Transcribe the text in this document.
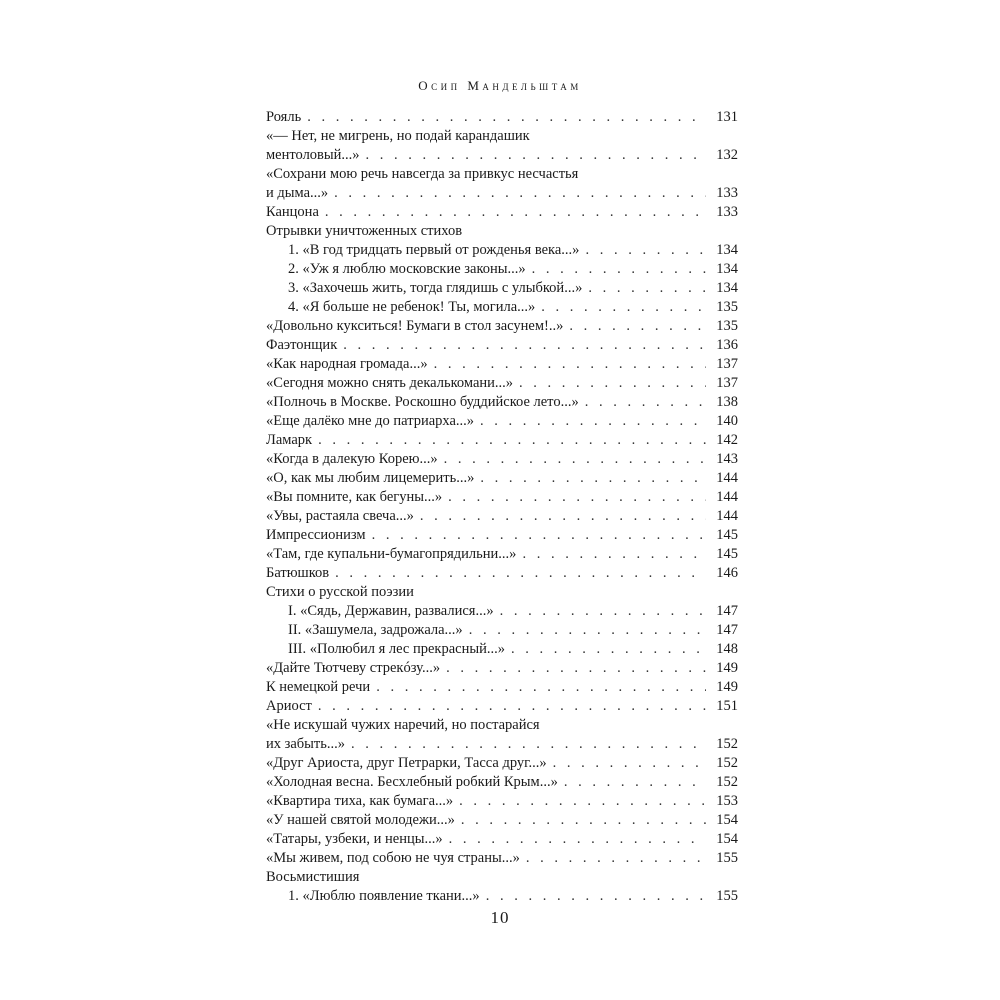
Осип Мандельштам
Рояль . . .	131
«— Нет, не мигрень, но подай карандашик
ментоловый...» . . .	132
«Сохрани мою речь навсегда за привкус несчастья
и дыма...» . . .	133
Канцона . . .	133
Отрывки уничтоженных стихов
1. «В год тридцать первый от рожденья века...» . . .	134
2. «Уж я люблю московские законы...» . . .	134
3. «Захочешь жить, тогда глядишь с улыбкой...» . . .	134
4. «Я больше не ребенок! Ты, могила...» . . .	135
«Довольно кукситься! Бумаги в стол засунем!..» . . .	135
Фаэтонщик . . .	136
«Как народная громада...» . . .	137
«Сегодня можно снять декалькомани...» . . .	137
«Полночь в Москве. Роскошно буддийское лето...» . . .	138
«Еще далёко мне до патриарха...» . . .	140
Ламарк . . .	142
«Когда в далекую Корею...» . . .	143
«О, как мы любим лицемерить...» . . .	144
«Вы помните, как бегуны...» . . .	144
«Увы, растаяла свеча...» . . .	144
Импрессионизм . . .	145
«Там, где купальни-бумагопрядильни...» . . .	145
Батюшков . . .	146
Стихи о русской поэзии
I. «Сядь, Державин, развалися...» . . .	147
II. «Зашумела, задрожала...» . . .	147
III. «Полюбил я лес прекрасный...» . . .	148
«Дайте Тютчеву стрекóзу...» . . .	149
К немецкой речи . . .	149
Ариост . . .	151
«Не искушай чужих наречий, но постарайся
их забыть...» . . .	152
«Друг Ариоста, друг Петрарки, Тасса друг...» . . .	152
«Холодная весна. Бесхлебный робкий Крым...» . . .	152
«Квартира тиха, как бумага...» . . .	153
«У нашей святой молодежи...» . . .	154
«Татары, узбеки, и ненцы...» . . .	154
«Мы живем, под собою не чуя страны...» . . .	155
Восьмистишия
1. «Люблю появление ткани...» . . .	155
10
